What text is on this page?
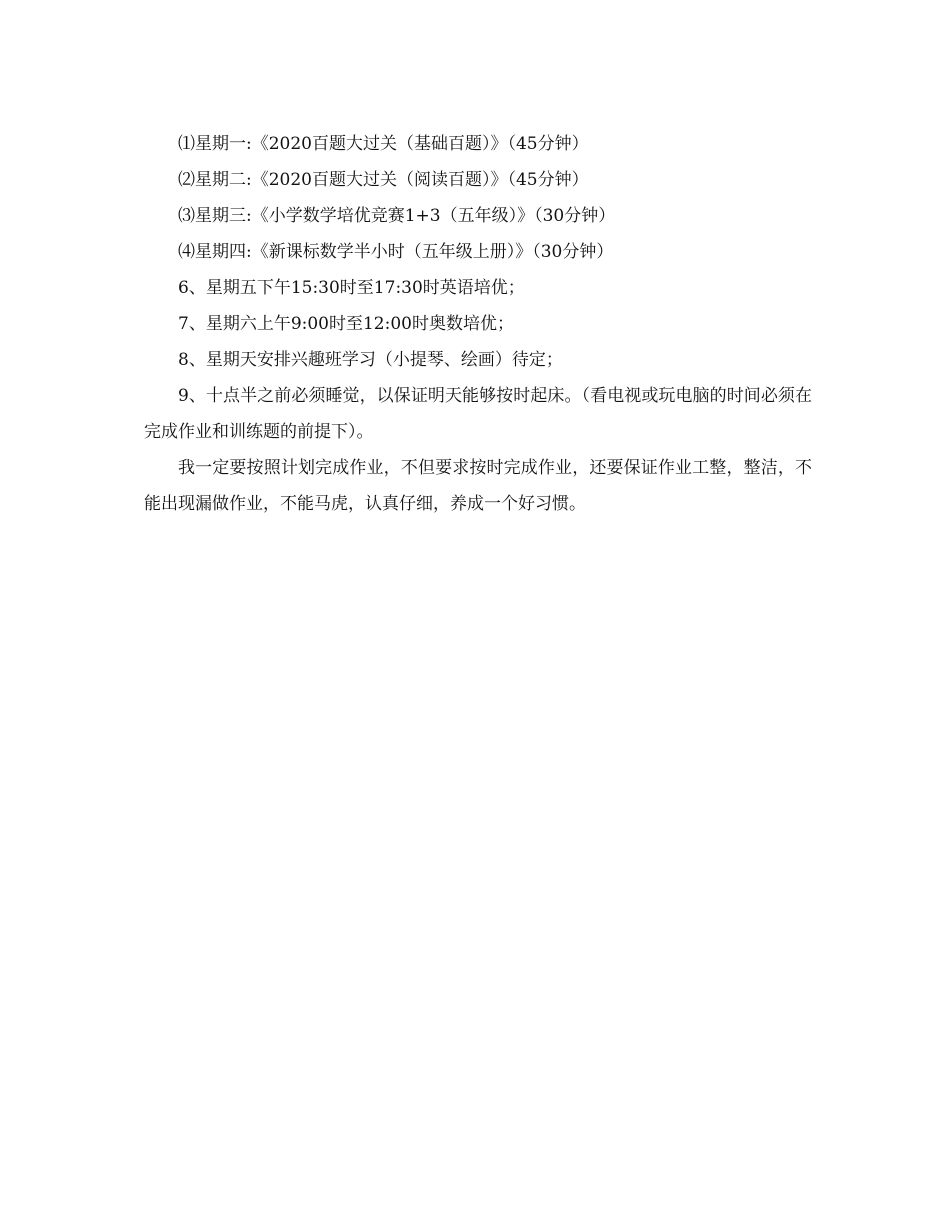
⑴星期一:《2020百题大过关（基础百题）》（45分钟）

⑵星期二:《2020百题大过关（阅读百题）》（45分钟）

⑶星期三:《小学数学培优竞赛1+3（五年级）》（30分钟）

⑷星期四:《新课标数学半小时（五年级上册）》（30分钟）

6、星期五下午15:30时至17:30时英语培优；

7、星期六上午9:00时至12:00时奥数培优；

8、星期天安排兴趣班学习（小提琴、绘画）待定；

9、十点半之前必须睡觉，以保证明天能够按时起床。（看电视或玩电脑的时间必须在完成作业和训练题的前提下）。

我一定要按照计划完成作业，不但要求按时完成作业，还要保证作业工整，整洁，不能出现漏做作业，不能马虎，认真仔细，养成一个好习惯。
